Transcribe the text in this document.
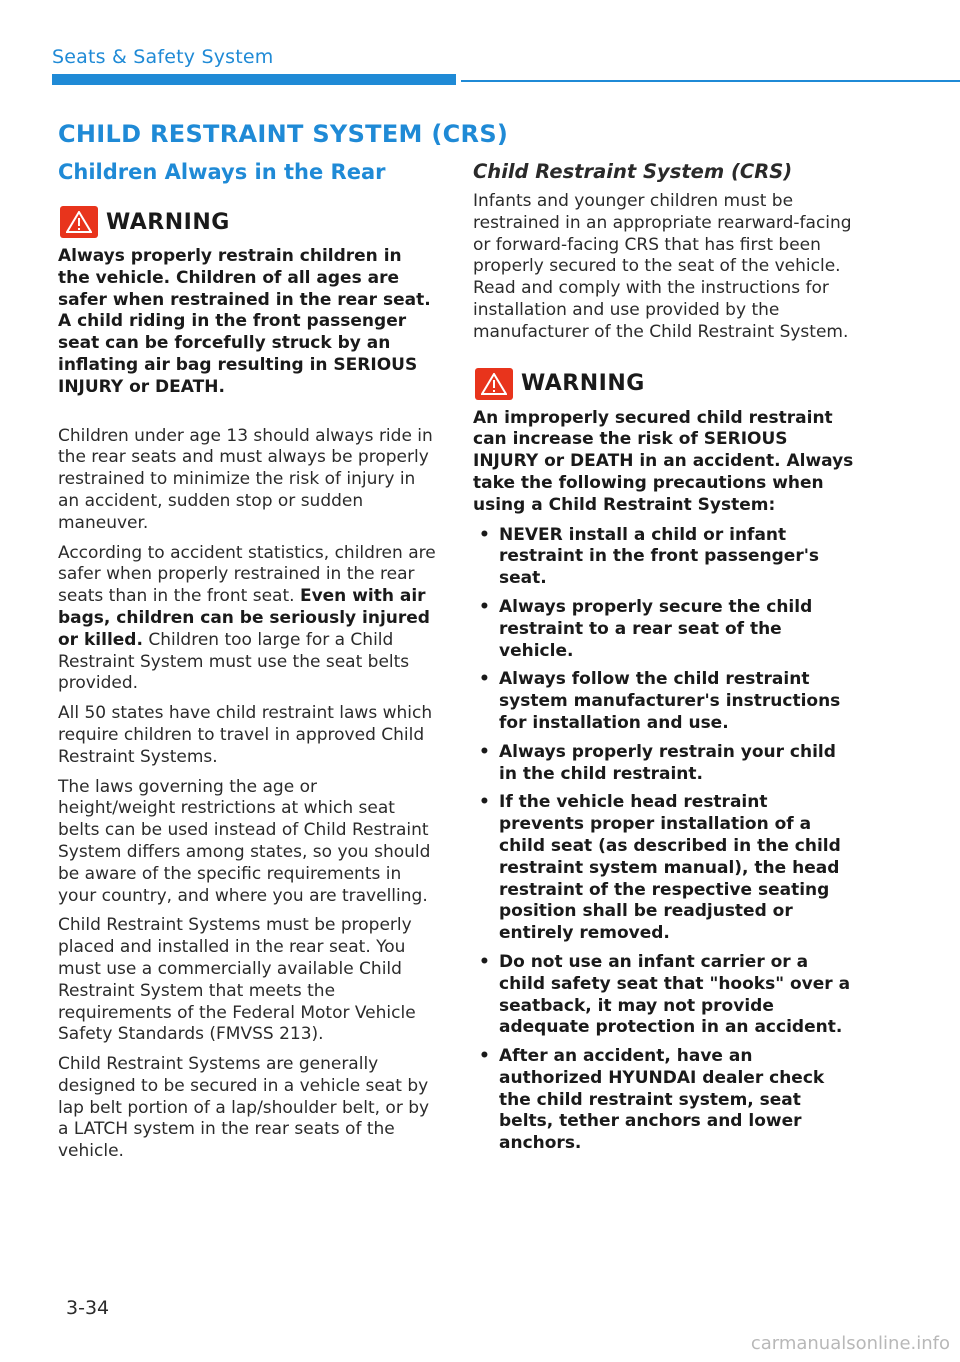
Seats & Safety System
CHILD RESTRAINT SYSTEM (CRS)
Children Always in the Rear
WARNING

Always properly restrain children in the vehicle. Children of all ages are safer when restrained in the rear seat. A child riding in the front passenger seat can be forcefully struck by an inflating air bag resulting in SERIOUS INJURY or DEATH.

Children under age 13 should always ride in the rear seats and must always be properly restrained to minimize the risk of injury in an accident, sudden stop or sudden maneuver.

According to accident statistics, children are safer when properly restrained in the rear seats than in the front seat. Even with air bags, children can be seriously injured or killed. Children too large for a Child Restraint System must use the seat belts provided.

All 50 states have child restraint laws which require children to travel in approved Child Restraint Systems.

The laws governing the age or height/weight restrictions at which seat belts can be used instead of Child Restraint System differs among states, so you should be aware of the specific requirements in your country, and where you are travelling.

Child Restraint Systems must be properly placed and installed in the rear seat. You must use a commercially available Child Restraint System that meets the requirements of the Federal Motor Vehicle Safety Standards (FMVSS 213).

Child Restraint Systems are generally designed to be secured in a vehicle seat by lap belt portion of a lap/shoulder belt, or by a LATCH system in the rear seats of the vehicle.

Child Restraint System (CRS)

Infants and younger children must be restrained in an appropriate rearward-facing or forward-facing CRS that has first been properly secured to the seat of the vehicle. Read and comply with the instructions for installation and use provided by the manufacturer of the Child Restraint System.

WARNING

An improperly secured child restraint can increase the risk of SERIOUS INJURY or DEATH in an accident. Always take the following precautions when using a Child Restraint System:

• NEVER install a child or infant restraint in the front passenger's seat.
• Always properly secure the child restraint to a rear seat of the vehicle.
• Always follow the child restraint system manufacturer's instructions for installation and use.
• Always properly restrain your child in the child restraint.
• If the vehicle head restraint prevents proper installation of a child seat (as described in the child restraint system manual), the head restraint of the respective seating position shall be readjusted or entirely removed.
• Do not use an infant carrier or a child safety seat that "hooks" over a seatback, it may not provide adequate protection in an accident.
• After an accident, have an authorized HYUNDAI dealer check the child restraint system, seat belts, tether anchors and lower anchors.
3-34
carmanualsonline.info
